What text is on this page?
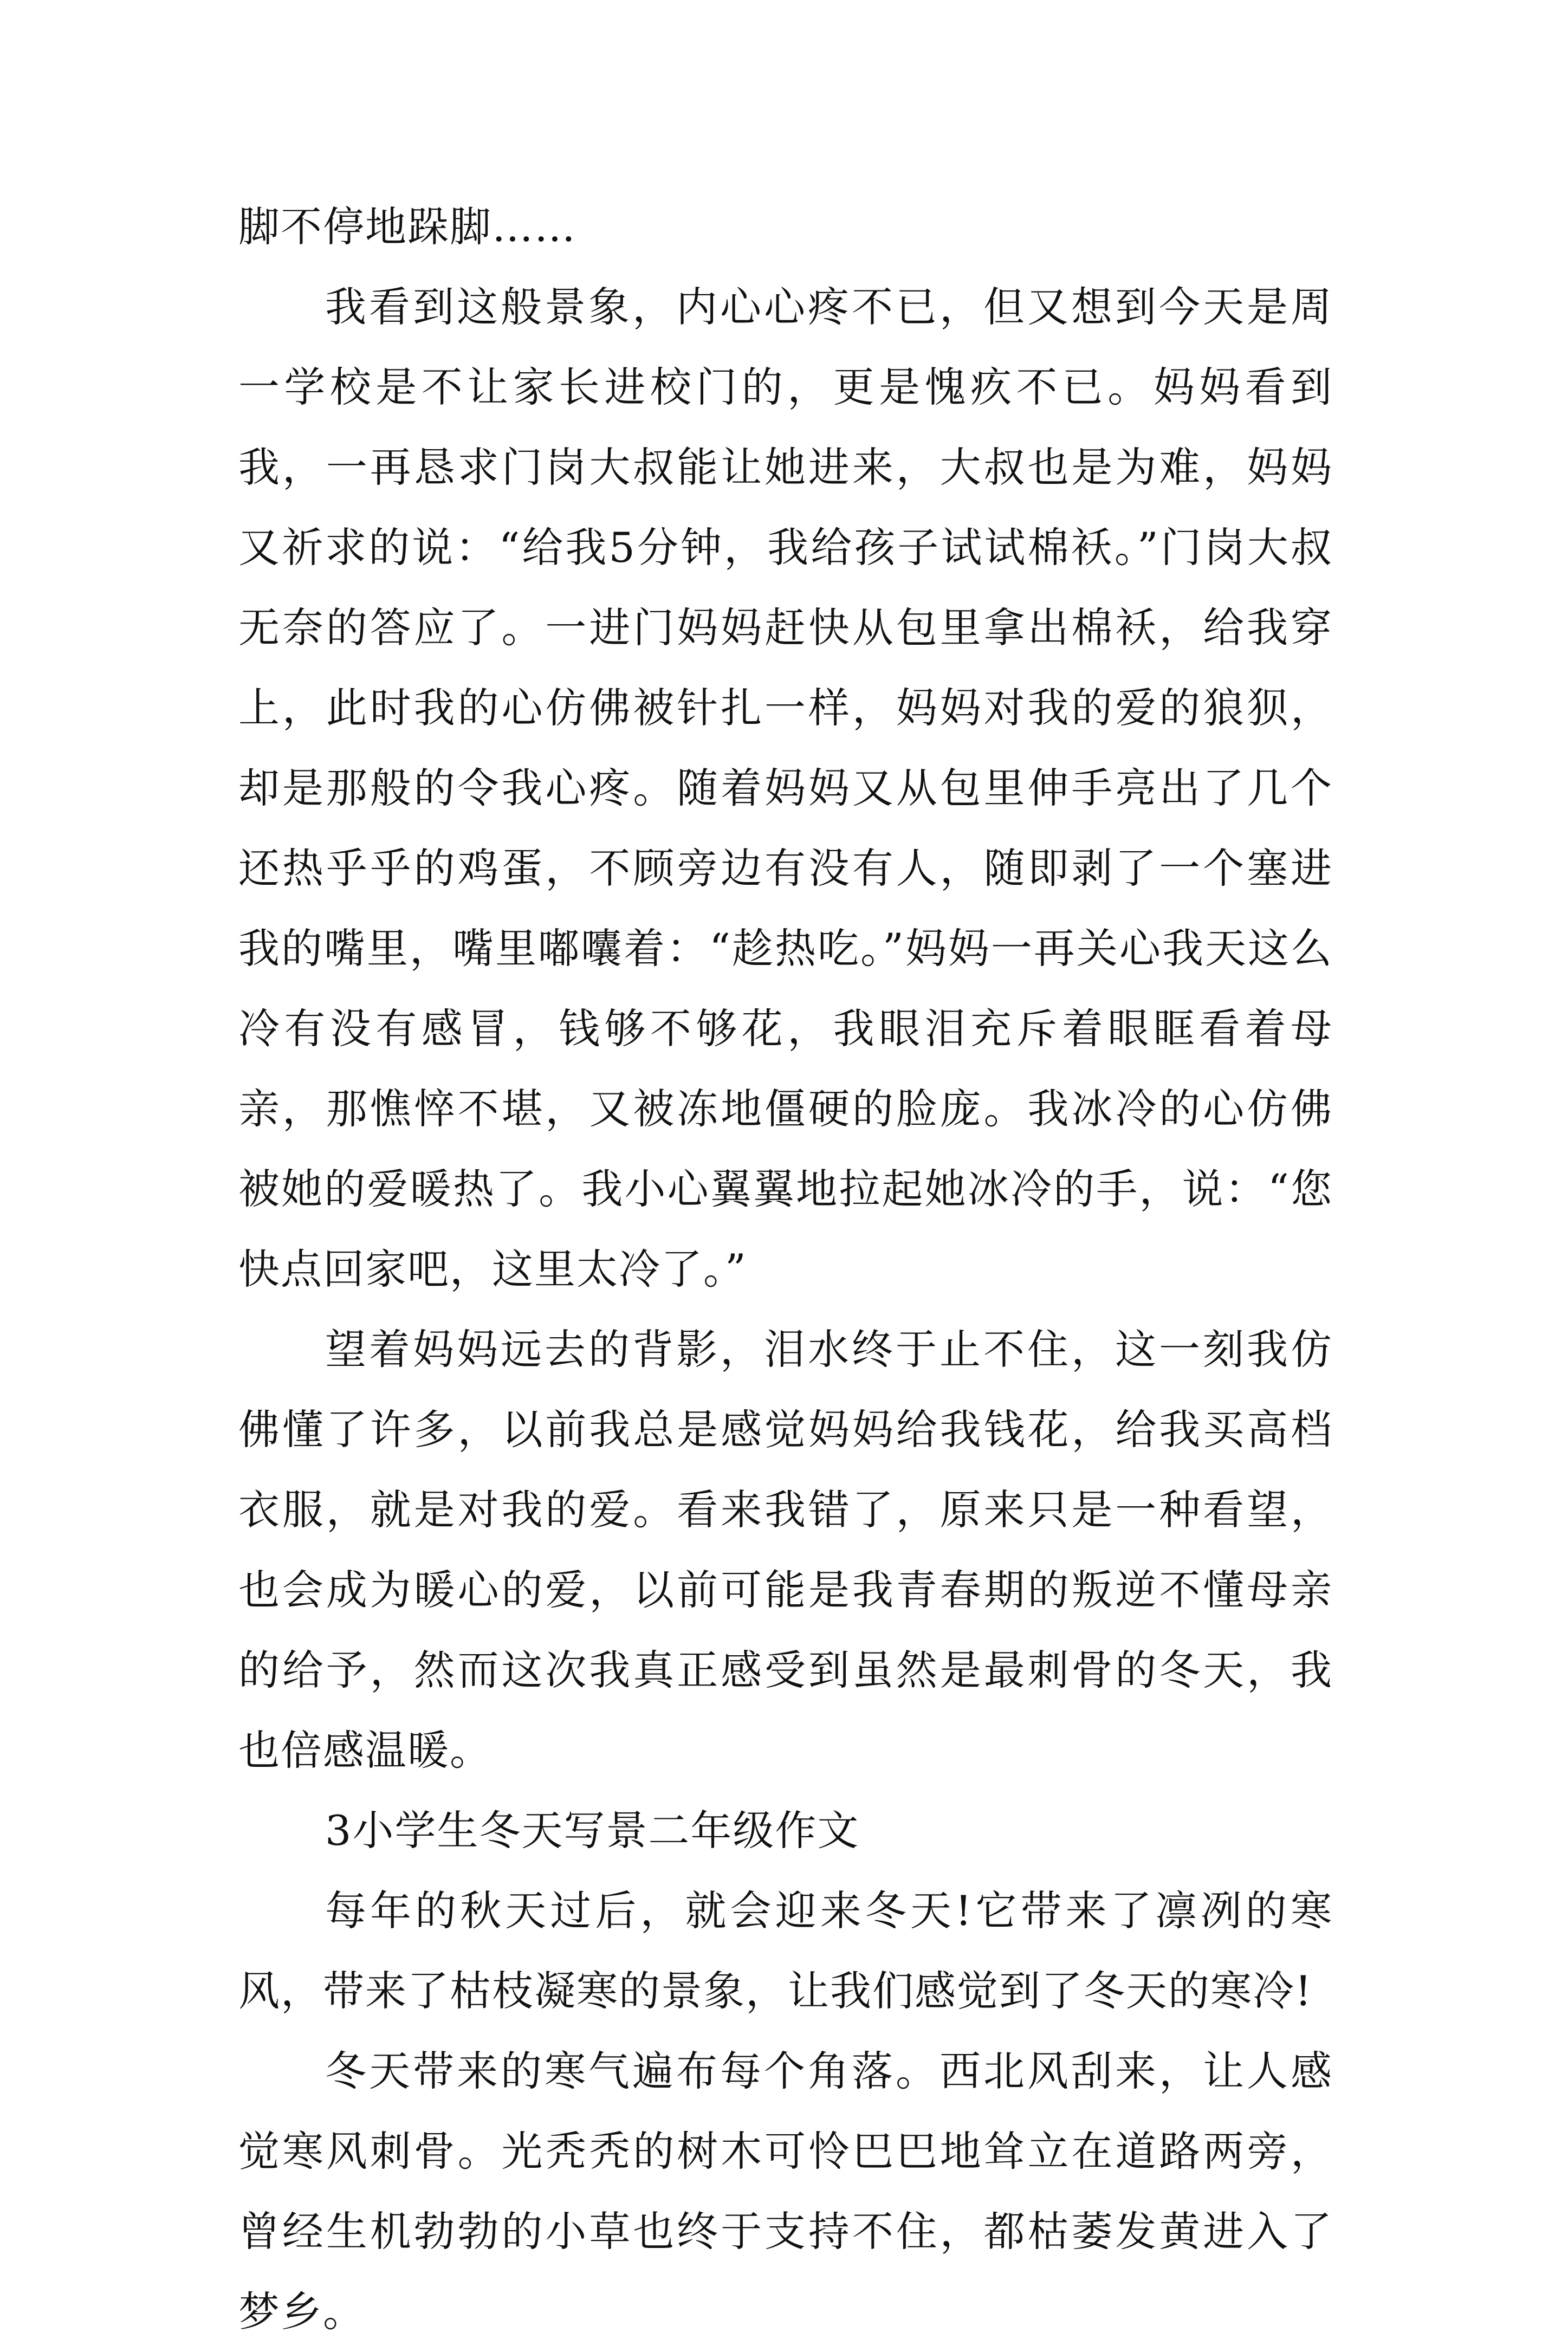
脚不停地跺脚……

我看到这般景象，内心心疼不已，但又想到今天是周一学校是不让家长进校门的，更是愧疚不已。妈妈看到我，一再恳求门岗大叔能让她进来，大叔也是为难，妈妈又祈求的说：“给我5分钟，我给孩子试试棉袄。”门岗大叔无奈的答应了。一进门妈妈赶快从包里拿出棉袄，给我穿上，此时我的心仿佛被针扎一样，妈妈对我的爱的狼狈，却是那般的令我心疼。随着妈妈又从包里伸手亮出了几个还热乎乎的鸡蛋，不顾旁边有没有人，随即剥了一个塞进我的嘴里，嘴里嘟囔着：“趁热吃。”妈妈一再关心我天这么冷有没有感冒，钱够不够花，我眼泪充斥着眼眶看着母亲，那憔悴不堪，又被冻地僵硬的脸庞。我冰冷的心仿佛被她的爱暖热了。我小心翼翼地拉起她冰冷的手，说：“您快点回家吧，这里太冷了。”

望着妈妈远去的背影，泪水终于止不住，这一刻我仿佛懂了许多，以前我总是感觉妈妈给我钱花，给我买高档衣服，就是对我的爱。看来我错了，原来只是一种看望，也会成为暖心的爱，以前可能是我青春期的叛逆不懂母亲的给予，然而这次我真正感受到虽然是最刺骨的冬天，我也倍感温暖。

3小学生冬天写景二年级作文

每年的秋天过后，就会迎来冬天!它带来了凛冽的寒风，带来了枯枝凝寒的景象，让我们感觉到了冬天的寒冷!

冬天带来的寒气遍布每个角落。西北风刮来，让人感觉寒风刺骨。光秃秃的树木可怜巴巴地耸立在道路两旁，曾经生机勃勃的小草也终于支持不住，都枯萎发黄进入了梦乡。
